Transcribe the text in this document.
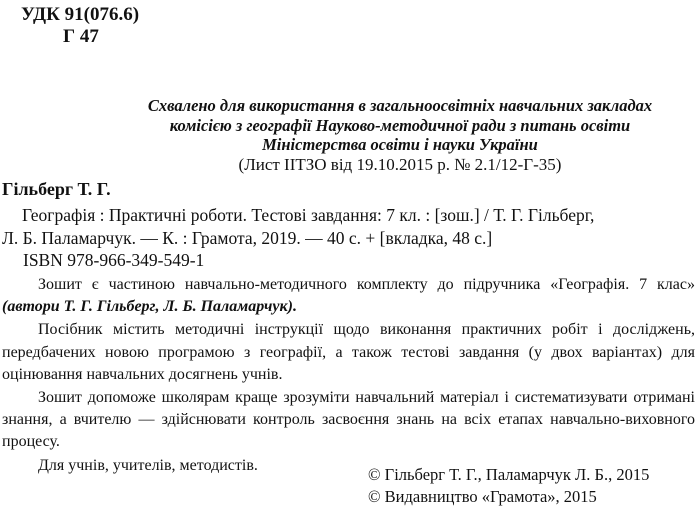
УДК 91(076.6)
Г 47
Схвалено для використання в загальноосвітніх навчальних закладах
комісією з географії Науково-методичної ради з питань освіти
Міністерства освіти і науки України
(Лист ІІТЗО від 19.10.2015 р. № 2.1/12-Г-35)
Гільберг Т. Г.
Географія : Практичні роботи. Тестові завдання: 7 кл. : [зош.] / Т. Г. Гільберг,
Л. Б. Паламарчук. — К. : Грамота, 2019. — 40 с. + [вкладка, 48 с.]
ISBN 978-966-349-549-1

Зошит є частиною навчально-методичного комплекту до підручника «Географія. 7 клас» (автори Т. Г. Гільберг, Л. Б. Паламарчук).

Посібник містить методичні інструкції щодо виконання практичних робіт і досліджень, передбачених новою програмою з географії, а також тестові завдання (у двох варіантах) для оцінювання навчальних досягнень учнів.

Зошит допоможе школярам краще зрозуміти навчальний матеріал і систематизувати отримані знання, а вчителю — здійснювати контроль засвоєння знань на всіх етапах навчально-виховного процесу.

Для учнів, учителів, методистів.	© Гільберг Т. Г., Паламарчук Л. Б., 2015
© Видавництво «Грамота», 2015
